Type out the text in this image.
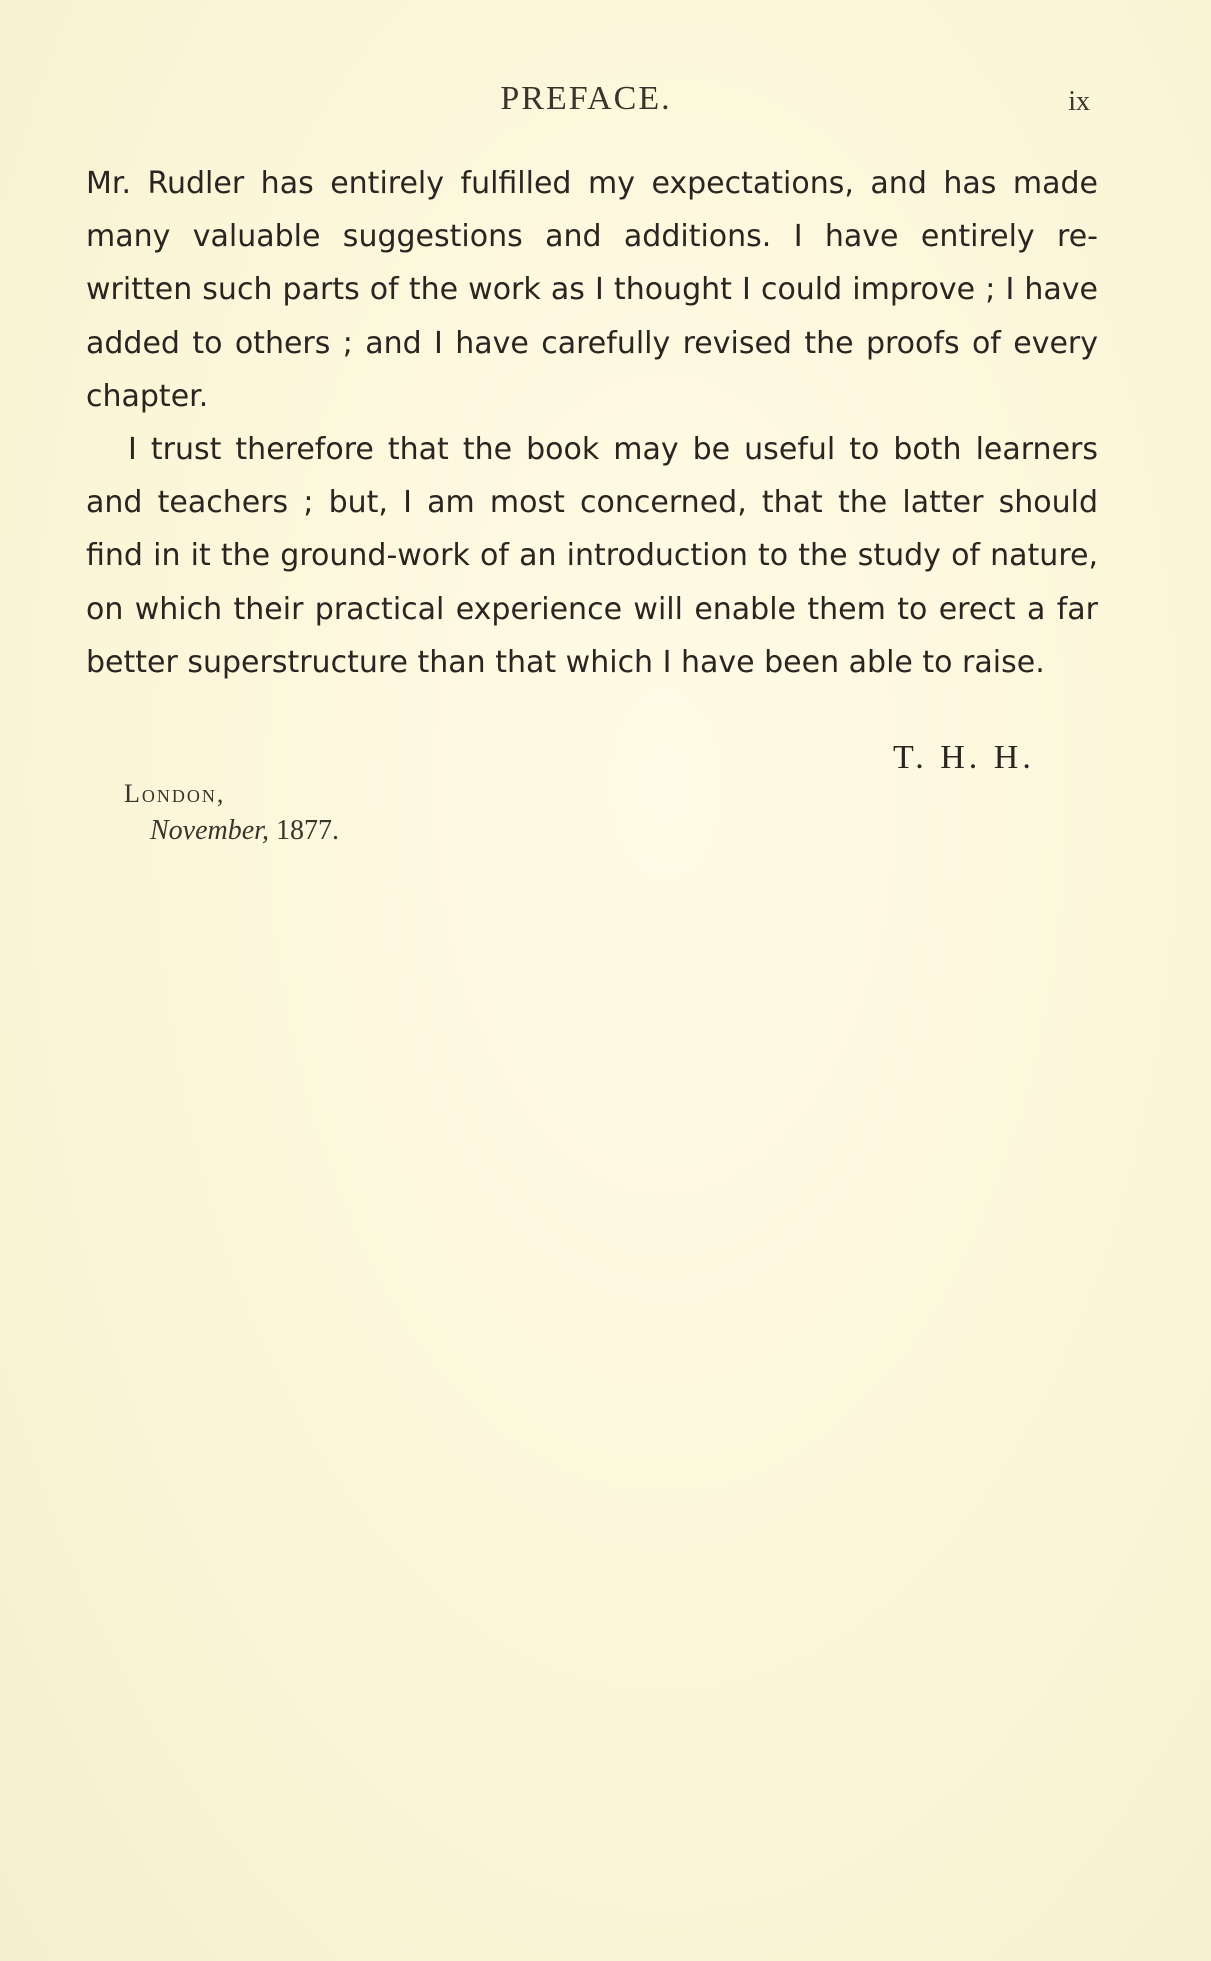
PREFACE.	ix

Mr. Rudler has entirely fulfilled my expectations, and has made many valuable suggestions and additions. I have entirely re-written such parts of the work as I thought I could improve ; I have added to others ; and I have carefully revised the proofs of every chapter.

I trust therefore that the book may be useful to both learners and teachers ; but, I am most concerned, that the latter should find in it the ground-work of an introduction to the study of nature, on which their practical experience will enable them to erect a far better superstructure than that which I have been able to raise.

T. H. H.
London,
November, 1877.
